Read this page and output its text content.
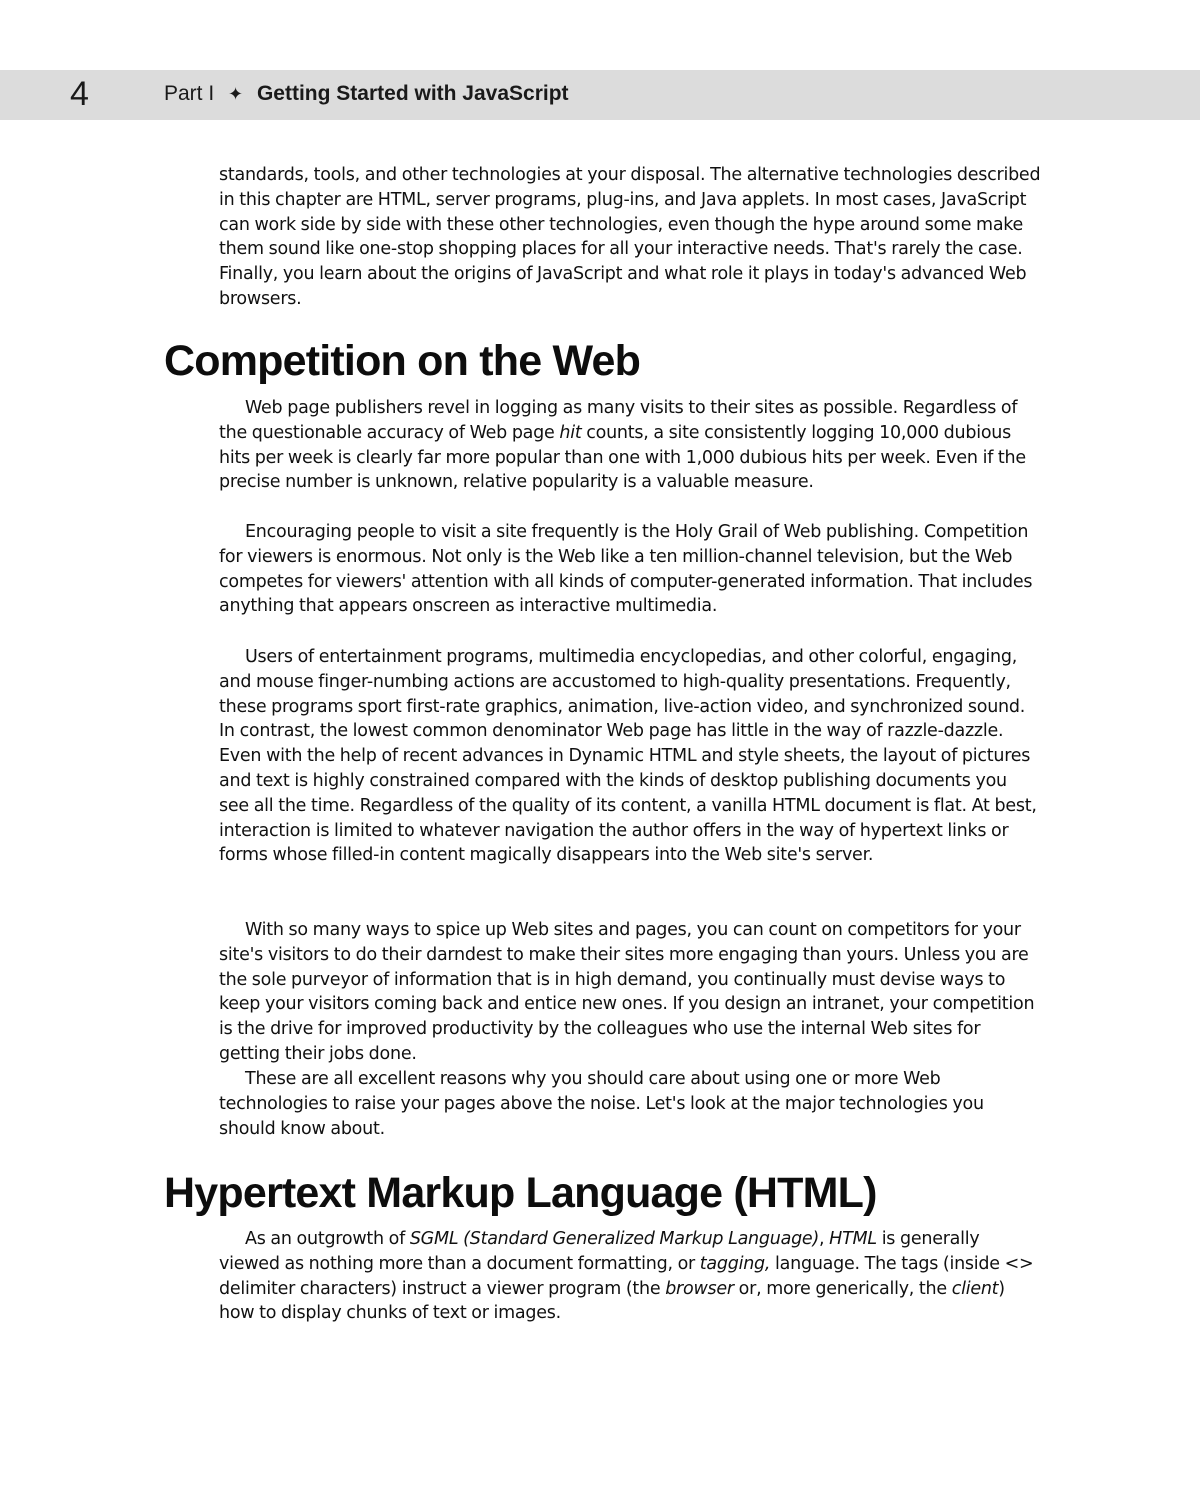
4	Part I ✦ Getting Started with JavaScript

standards, tools, and other technologies at your disposal. The alternative technologies described in this chapter are HTML, server programs, plug-ins, and Java applets. In most cases, JavaScript can work side by side with these other technologies, even though the hype around some make them sound like one-stop shopping places for all your interactive needs. That's rarely the case. Finally, you learn about the origins of JavaScript and what role it plays in today's advanced Web browsers.

Competition on the Web

Web page publishers revel in logging as many visits to their sites as possible. Regardless of the questionable accuracy of Web page hit counts, a site consistently logging 10,000 dubious hits per week is clearly far more popular than one with 1,000 dubious hits per week. Even if the precise number is unknown, relative popularity is a valuable measure.

Encouraging people to visit a site frequently is the Holy Grail of Web publishing. Competition for viewers is enormous. Not only is the Web like a ten million-channel television, but the Web competes for viewers' attention with all kinds of computer-generated information. That includes anything that appears onscreen as interactive multimedia.

Users of entertainment programs, multimedia encyclopedias, and other colorful, engaging, and mouse finger-numbing actions are accustomed to high-quality presentations. Frequently, these programs sport first-rate graphics, animation, live-action video, and synchronized sound. In contrast, the lowest common denominator Web page has little in the way of razzle-dazzle. Even with the help of recent advances in Dynamic HTML and style sheets, the layout of pictures and text is highly constrained compared with the kinds of desktop publishing documents you see all the time. Regardless of the quality of its content, a vanilla HTML document is flat. At best, interaction is limited to whatever navigation the author offers in the way of hypertext links or forms whose filled-in content magically disappears into the Web site's server.

With so many ways to spice up Web sites and pages, you can count on competitors for your site's visitors to do their darndest to make their sites more engaging than yours. Unless you are the sole purveyor of information that is in high demand, you continually must devise ways to keep your visitors coming back and entice new ones. If you design an intranet, your competition is the drive for improved productivity by the colleagues who use the internal Web sites for getting their jobs done.

These are all excellent reasons why you should care about using one or more Web technologies to raise your pages above the noise. Let's look at the major technologies you should know about.

Hypertext Markup Language (HTML)

As an outgrowth of SGML (Standard Generalized Markup Language), HTML is generally viewed as nothing more than a document formatting, or tagging, language. The tags (inside <> delimiter characters) instruct a viewer program (the browser or, more generically, the client) how to display chunks of text or images.
